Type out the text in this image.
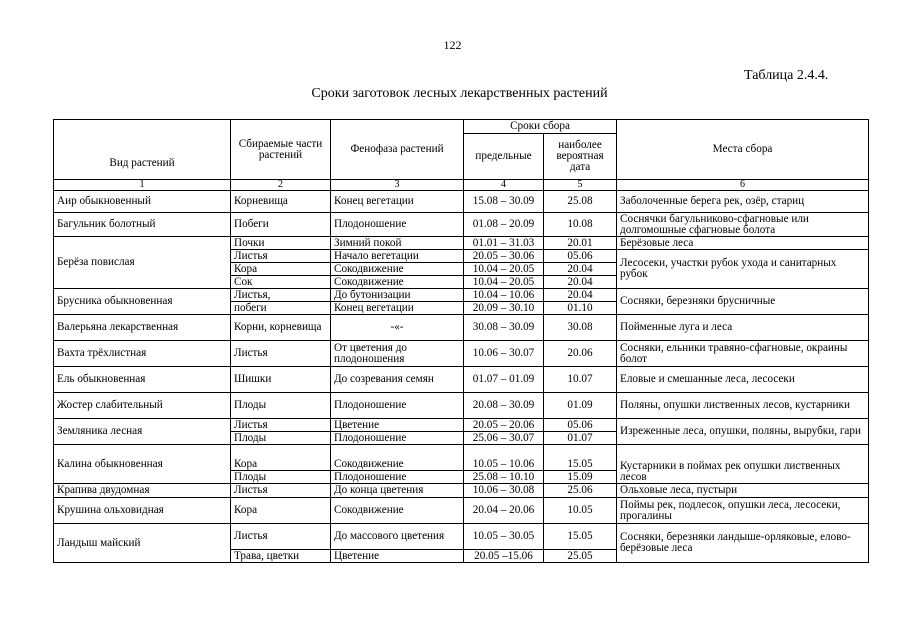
122
Таблица 2.4.4.
Сроки заготовок лесных лекарственных растений
Вид растений	Сбираемые части растений	Фенофаза растений	Сроки сбора		Места сбора
			предельные	наиболее вероятная дата	
1	2	3	4	5	6
Аир обыкновенный	Корневища	Конец вегетации	15.08 – 30.09	25.08	Заболоченные берега рек, озёр, стариц
Багульник болотный	Побеги	Плодоношение	01.08 – 20.09	10.08	Соснячки багульниково-сфагновые или долгомошные сфагновые болота
Берёза повислая	Почки	Зимний покой	01.01 – 31.03	20.01	Берёзовые леса
	Листья	Начало вегетации	20.05 – 30.06	05.06	Лесосеки, участки рубок ухода и санитарных рубок
	Кора	Сокодвижение	10.04 – 20.05	20.04	
	Сок	Сокодвижение	10.04 – 20.05	20.04	
Брусника обыкновенная	Листья,	До бутонизации	10.04 – 10.06	20.04	Сосняки, березняки брусничные
	побеги	Конец вегетации	20.09 – 30.10	01.10	
Валерьяна лекарственная	Корни, корневища	-«-	30.08 – 30.09	30.08	Пойменные луга и леса
Вахта трёхлистная	Листья	От цветения до плодоношения	10.06 – 30.07	20.06	Сосняки, ельники травяно-сфагновые, окраины болот
Ель обыкновенная	Шишки	До созревания семян	01.07 – 01.09	10.07	Еловые и смешанные леса, лесосеки
Жостер слабительный	Плоды	Плодоношение	20.08 – 30.09	01.09	Поляны, опушки лиственных лесов, кустарники
Земляника лесная	Листья	Цветение	20.05 – 20.06	05.06	Изреженные леса, опушки, поляны, вырубки, гари
	Плоды	Плодоношение	25.06 – 30.07	01.07	
Калина обыкновенная	Кора	Сокодвижение	10.05 – 10.06	15.05	Кустарники в поймах рек опушки лиственных лесов
	Плоды	Плодоношение	25.08 – 10.10	15.09	
Крапива двудомная	Листья	До конца цветения	10.06 – 30.08	25.06	Ольховые леса, пустыри
Крушина ольховидная	Кора	Сокодвижение	20.04 – 20.06	10.05	Поймы рек, подлесок, опушки леса, лесосеки, прогалины
Ландыш майский	Листья	До массового цветения	10.05 – 30.05	15.05	Сосняки, березняки ландыше-орляковые, елово-берёзовые леса
	Трава, цветки	Цветение	20.05 –15.06	25.05	
